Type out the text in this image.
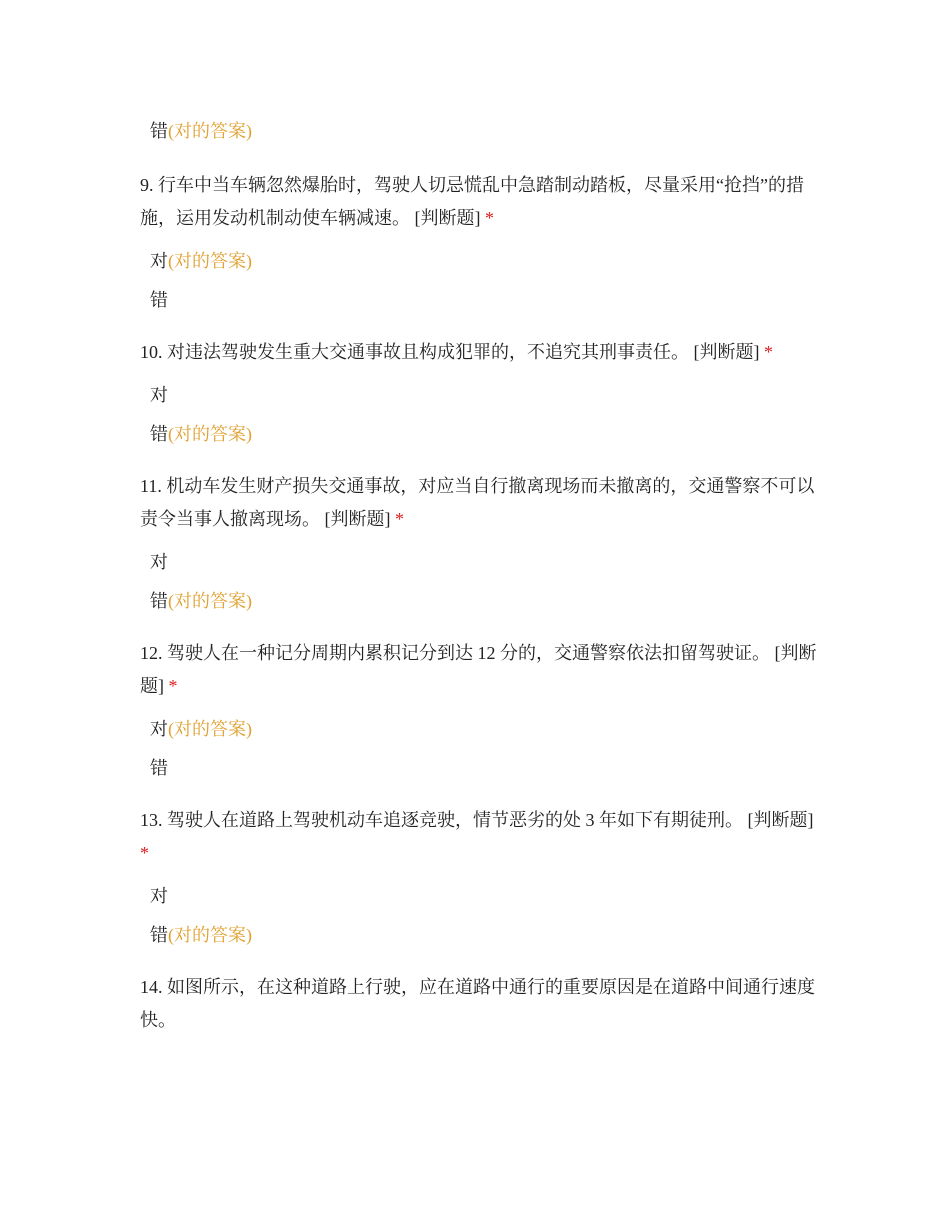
错(对的答案)

9. 行车中当车辆忽然爆胎时，驾驶人切忌慌乱中急踏制动踏板，尽量采用“抢挡”的措施，运用发动机制动使车辆减速。 [判断题] *

对(对的答案)
错

10. 对违法驾驶发生重大交通事故且构成犯罪的，不追究其刑事责任。 [判断题] *

对
错(对的答案)

11. 机动车发生财产损失交通事故，对应当自行撤离现场而未撤离的，交通警察不可以责令当事人撤离现场。 [判断题] *

对
错(对的答案)

12. 驾驶人在一种记分周期内累积记分到达 12 分的，交通警察依法扣留驾驶证。 [判断题] *

对(对的答案)
错

13. 驾驶人在道路上驾驶机动车追逐竞驶，情节恶劣的处 3 年如下有期徒刑。 [判断题] *

对
错(对的答案)

14. 如图所示，在这种道路上行驶，应在道路中通行的重要原因是在道路中间通行速度快。
